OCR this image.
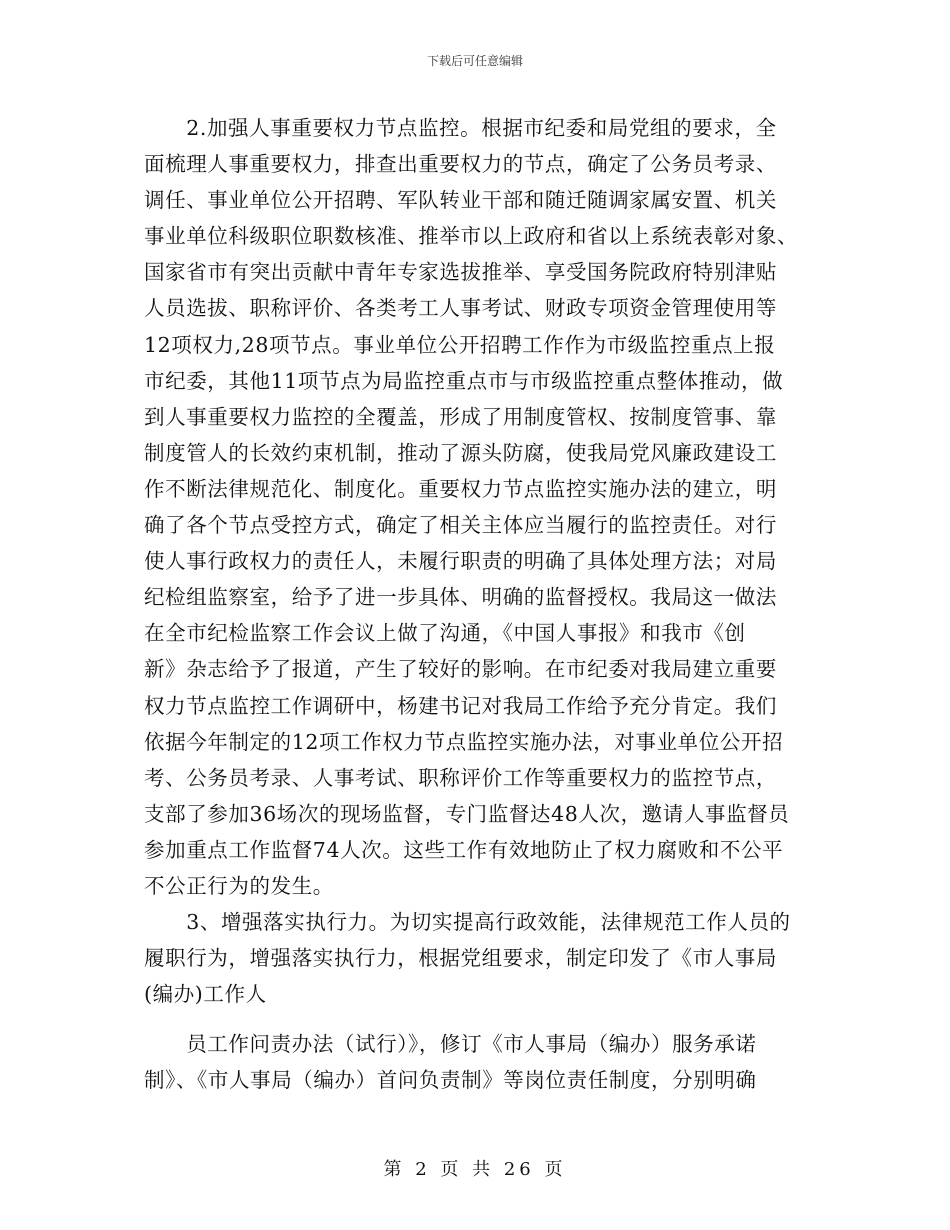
下载后可任意编辑
　　2.加强人事重要权力节点监控。根据市纪委和局党组的要求，全
面梳理人事重要权力，排查出重要权力的节点，确定了公务员考录、
调任、事业单位公开招聘、军队转业干部和随迁随调家属安置、机关
事业单位科级职位职数核准、推举市以上政府和省以上系统表彰对象、
国家省市有突出贡献中青年专家选拔推举、享受国务院政府特别津贴
人员选拔、职称评价、各类考工人事考试、财政专项资金管理使用等
12项权力,28项节点。事业单位公开招聘工作作为市级监控重点上报
市纪委，其他11项节点为局监控重点市与市级监控重点整体推动，做
到人事重要权力监控的全覆盖，形成了用制度管权、按制度管事、靠
制度管人的长效约束机制，推动了源头防腐，使我局党风廉政建设工
作不断法律规范化、制度化。重要权力节点监控实施办法的建立，明
确了各个节点受控方式，确定了相关主体应当履行的监控责任。对行
使人事行政权力的责任人，未履行职责的明确了具体处理方法；对局
纪检组监察室，给予了进一步具体、明确的监督授权。我局这一做法
在全市纪检监察工作会议上做了沟通，《中国人事报》和我市《创
新》杂志给予了报道，产生了较好的影响。在市纪委对我局建立重要
权力节点监控工作调研中，杨建书记对我局工作给予充分肯定。我们
依据今年制定的12项工作权力节点监控实施办法，对事业单位公开招
考、公务员考录、人事考试、职称评价工作等重要权力的监控节点，
支部了参加36场次的现场监督，专门监督达48人次，邀请人事监督员
参加重点工作监督74人次。这些工作有效地防止了权力腐败和不公平
不公正行为的发生。
　　3、增强落实执行力。为切实提高行政效能，法律规范工作人员的
履职行为，增强落实执行力，根据党组要求，制定印发了《市人事局
(编办)工作人
　　员工作问责办法（试行）》，修订《市人事局（编办）服务承诺
制》、《市人事局（编办）首问负责制》等岗位责任制度，分别明确
第 2 页 共 26 页
